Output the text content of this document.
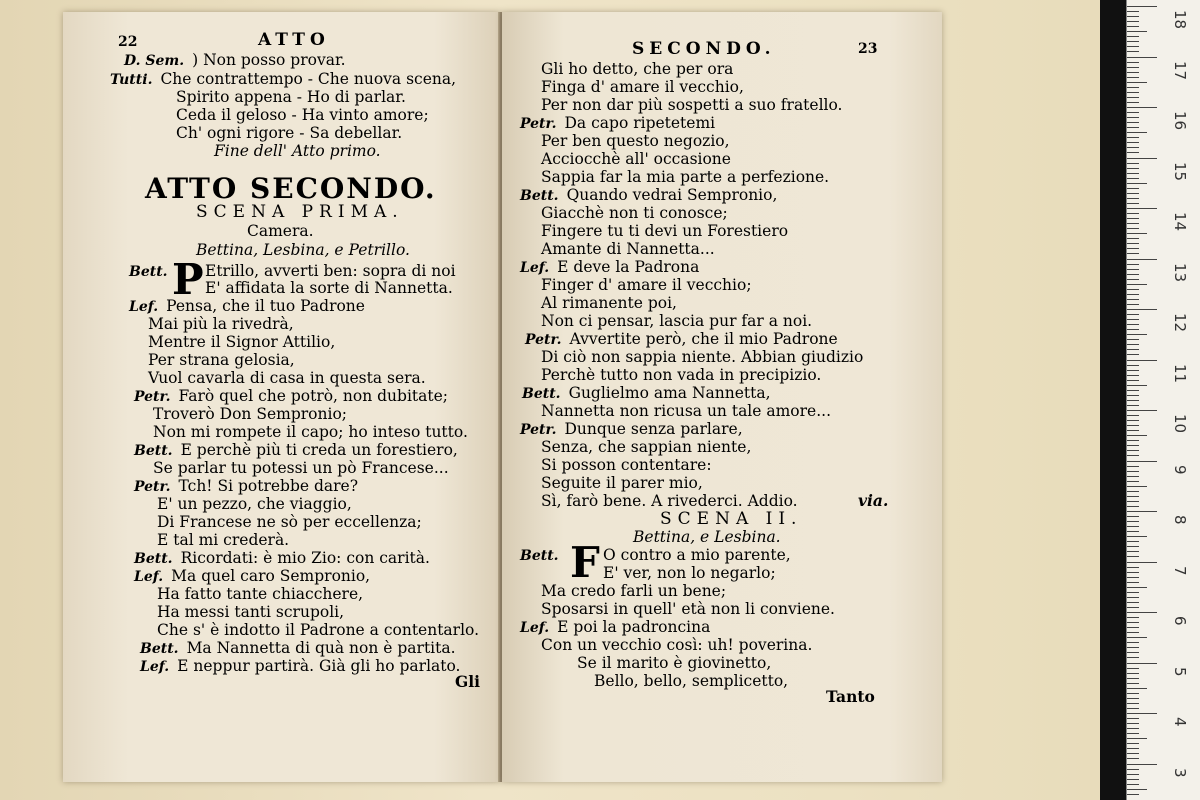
22	ATTO
D. Sem. ) Non posso provar.
Tutti. Che contrattempo - Che nuova scena,
Spirito appena - Ho di parlar.
Ceda il geloso - Ha vinto amore;
Ch' ogni rigore - Sa debellar.
Fine dell' Atto primo.
ATTO SECONDO.
SCENA PRIMA.
Camera.
Bettina, Lesbina, e Petrillo.
P
Bett.	Etrillo, avverti ben: sopra di noi
E' affidata la sorte di Nannetta.
Lef. Pensa, che il tuo Padrone
Mai più la rivedrà,
Mentre il Signor Attilio,
Per strana gelosia,
Vuol cavarla di casa in questa sera.
Petr. Farò quel che potrò, non dubitate;
Troverò Don Sempronio;
Non mi rompete il capo; ho inteso tutto.
Bett. E perchè più ti creda un forestiero,
Se parlar tu potessi un pò Francese...
Petr. Tch! Si potrebbe dare?
E' un pezzo, che viaggio,
Di Francese ne sò per eccellenza;
E tal mi crederà.
Bett. Ricordati: è mio Zio: con carità.
Lef. Ma quel caro Sempronio,
Ha fatto tante chiacchere,
Ha messi tanti scrupoli,
Che s' è indotto il Padrone a contentarlo.
Bett. Ma Nannetta di quà non è partita.
Lef. E neppur partirà. Già gli ho parlato.
Gli
SECONDO.	23
Gli ho detto, che per ora
Finga d' amare il vecchio,
Per non dar più sospetti a suo fratello.
Petr. Da capo ripetetemi
Per ben questo negozio,
Acciocchè all' occasione
Sappia far la mia parte a perfezione.
Bett. Quando vedrai Sempronio,
Giacchè non ti conosce;
Fingere tu ti devi un Forestiero
Amante di Nannetta...
Lef. E deve la Padrona
Finger d' amare il vecchio;
Al rimanente poi,
Non ci pensar, lascia pur far a noi.
Petr. Avvertite però, che il mio Padrone
Di ciò non sappia niente. Abbian giudizio
Perchè tutto non vada in precipizio.
Bett. Guglielmo ama Nannetta,
Nannetta non ricusa un tale amore...
Petr. Dunque senza parlare,
Senza, che sappian niente,
Si posson contentare:
Seguite il parer mio,
Sì, farò bene. A rivederci. Addio.	via.
SCENA II.
Bettina, e Lesbina.
F
Bett.	O contro a mio parente,
E' ver, non lo negarlo;
Ma credo farli un bene;
Sposarsi in quell' età non li conviene.
Lef. E poi la padroncina
Con un vecchio così: uh! poverina.
Se il marito è giovinetto,
Bello, bello, semplicetto,
Tanto
18
17
16
15
14
13
12
11
10
9
8
7
6
5
4
3
